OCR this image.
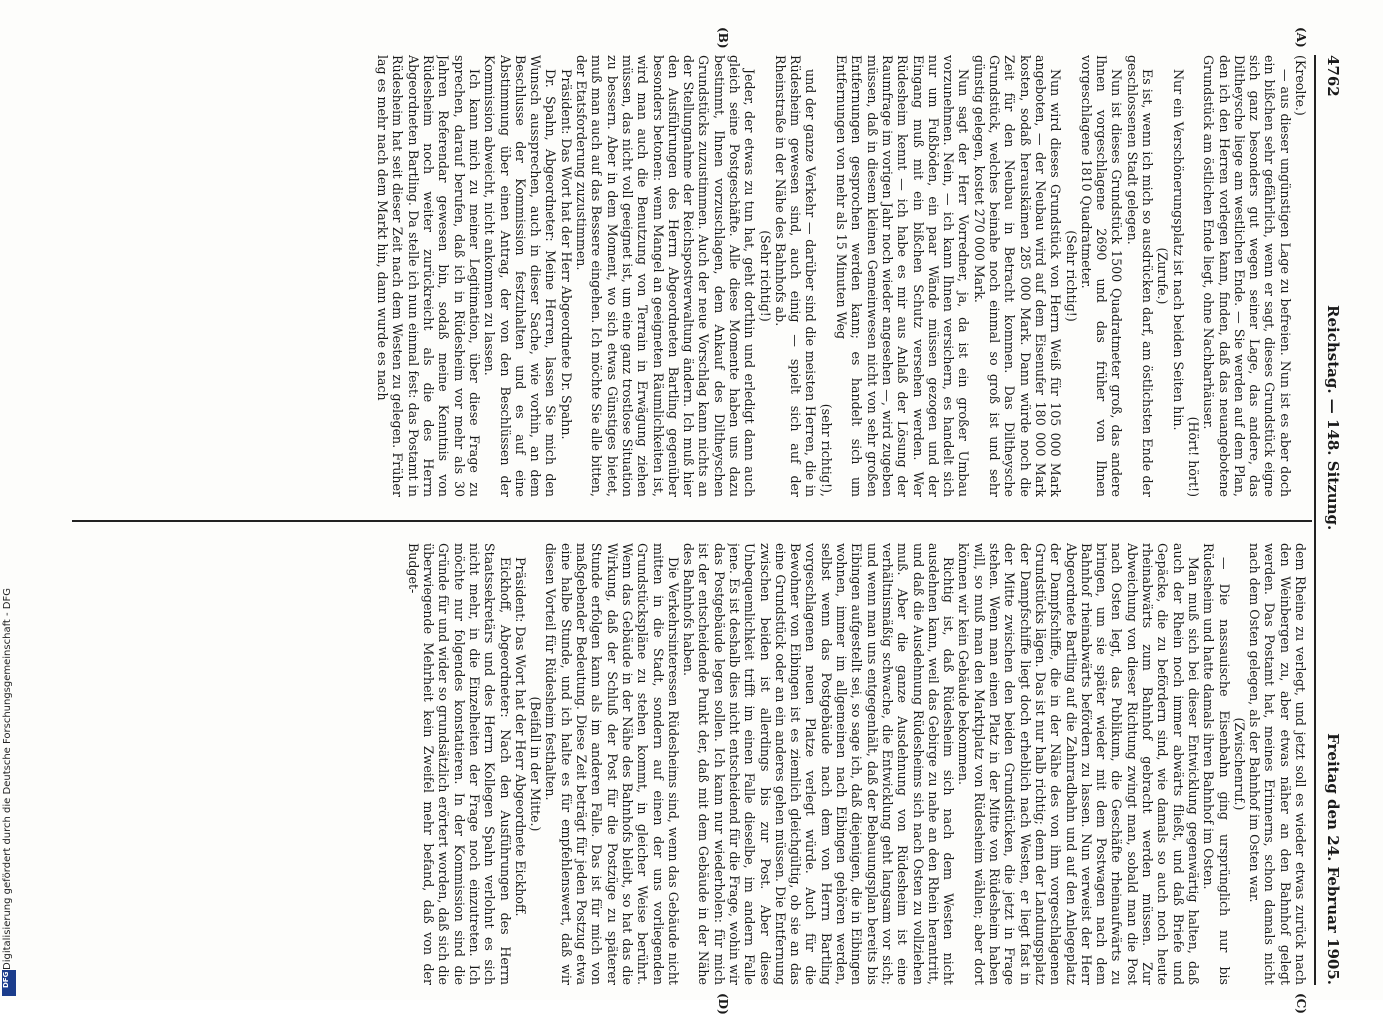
4762
Reichstag. — 148. Sitzung.
Freitag den 24. Februar 1905.
(A)
(B)
(C)
(D)

(Kreolte.)

— aus dieser ungünstigen Lage zu befreien. Nun ist es aber doch ein bißchen sehr gefährlich, wenn er sagt, dieses Grundstück eigne sich ganz besonders gut wegen seiner Lage, das andere, das Diltheysche liege am westlichen Ende. — Sie werden auf dem Plan, den ich den Herren vorlegen kann, finden, daß das neuangebotene Grundstück am östlichen Ende liegt, ohne Nachbarhäuser.

(Hört! hört!)

Nur ein Verschönerungsplatz ist nach beiden Seiten hin.

(Zurufe.)

Es ist, wenn ich mich so ausdrücken darf, am östlichsten Ende der geschlossenen Stadt gelegen.

Nun ist dieses Grundstück 1500 Quadratmeter groß, das andere Ihnen vorgeschlagene 2690 und das früher von Ihnen vorgeschlagene 1810 Quadratmeter.

(Sehr richtig!)

Nun wird dieses Grundstück von Herrn Weiß für 105 000 Mark angeboten, — der Neubau wird auf dem Eisenufer 180 000 Mark kosten, sodaß herauskämen 285 000 Mark. Dann würde noch die Zeit für den Neubau in Betracht kommen. Das Diltheysche Grundstück, welches beinahe noch einmal so groß ist und sehr günstig gelegen, kostet 270 000 Mark.

Nun sagt der Herr Vorredner, ja, da ist ein großer Umbau vorzunehmen. Nein, — ich kann Ihnen versichern, es handelt sich nur um Fußböden, ein paar Wände müssen gezogen und der Eingang muß mit ein bißchen Schutz versehen werden. Wer Rüdesheim kennt — ich habe es mir aus Anlaß der Lösung der Raumfrage im vorigen Jahr noch wieder angesehen —, wird zugeben müssen, daß in diesem kleinen Gemeinwesen nicht von sehr großen Entfernungen gesprochen werden kann; es handelt sich um Entfernungen von mehr als 15 Minuten Weg

(sehr richtig!),

und der ganze Verkehr — darüber sind die meisten Herren, die in Rüdesheim gewesen sind, auch einig — spielt sich auf der Rheinstraße in der Nähe des Bahnhofs ab.

(Sehr richtig!)

Jeder, der etwas zu tun hat, geht dorthin und erledigt dann auch gleich seine Postgeschäfte. Alle diese Momente haben uns dazu bestimmt, Ihnen vorzuschlagen, dem Ankauf des Diltheyschen Grundstücks zuzustimmen. Auch der neue Vorschlag kann nichts an der Stellungnahme der Reichspostverwaltung ändern. Ich muß hier den Ausführungen des Herrn Abgeordneten Bartling gegenüber besonders betonen: wenn Mangel an geeigneten Räumlichkeiten ist, wird man auch die Benutzung von Terrain in Erwägung ziehen müssen, das nicht voll geeignet ist, um eine ganz trostlose Situation zu bessern. Aber in dem Moment, wo sich etwas Günstiges bietet, muß man auch auf das Bessere eingehen. Ich möchte Sie alle bitten, der Etatsforderung zuzustimmen.

Präsident: Das Wort hat der Herr Abgeordnete Dr. Spahn.

Dr. Spahn, Abgeordneter: Meine Herren, lassen Sie mich den Wunsch aussprechen, auch in dieser Sache, wie vorhin, an dem Beschlusse der Kommission festzuhalten und es auf eine Abstimmung über einen Antrag, der von den Beschlüssen der Kommission abweicht, nicht ankommen zu lassen.

Ich kann mich zu meiner Legitimation, über diese Frage zu sprechen, darauf berufen, daß ich in Rüdesheim vor mehr als 30 Jahren Referendar gewesen bin, sodaß meine Kenntnis von Rüdesheim noch weiter zurückreicht als die des Herrn Abgeordneten Bartling. Da stelle ich nun einmal fest: das Postamt in Rüdesheim hat seit dieser Zeit nach dem Westen zu gelegen. Früher lag es mehr nach dem Markt hin, dann wurde es nach

dem Rheine zu verlegt, und jetzt soll es wieder etwas zurück nach den Weinbergen zu, aber etwas näher an den Bahnhof gelegt werden. Das Postamt hat, meines Erinnerns, schon damals nicht nach dem Osten gelegen, als der Bahnhof im Osten war.

(Zwischenruf.)

— Die nassauische Eisenbahn ging ursprünglich nur bis Rüdesheim und hatte damals ihren Bahnhof im Osten.

Man muß sich bei dieser Entwicklung gegenwärtig halten, daß auch der Rhein noch immer abwärts fließt, und daß Briefe und Gepäcke, die zu befördern sind, wie damals so auch noch heute rheinabwärts zum Bahnhof gebracht werden müssen. Zur Abweichung von dieser Richtung zwingt man, sobald man die Post nach Osten legt, das Publikum, die Geschäfte rheinaufwärts zu bringen, um sie später wieder mit dem Postwagen nach dem Bahnhof rheinabwärts befördern zu lassen. Nun verweist der Herr Abgeordnete Bartling auf die Zahnradbahn und auf den Anlegeplatz der Dampfschiffe, die in der Nähe des von ihm vorgeschlagenen Grundstücks lägen. Das ist nur halb richtig; denn der Landungsplatz der Dampfschiffe liegt doch erheblich nach Westen, er liegt fast in der Mitte zwischen den beiden Grundstücken, die jetzt in Frage stehen. Wenn man einen Platz in der Mitte von Rüdesheim haben will, so muß man den Marktplatz von Rüdesheim wählen; aber dort können wir kein Gebäude bekommen.

Richtig ist, daß Rüdesheim sich nach dem Westen nicht ausdehnen kann, weil das Gebirge zu nahe an den Rhein herantritt, und daß die Ausdehnung Rüdesheims sich nach Osten zu vollziehen muß. Aber die ganze Ausdehnung von Rüdesheim ist eine verhältnismäßig schwache, die Entwicklung geht langsam vor sich; und wenn man uns entgegenhält, daß der Bebauungsplan bereits bis Eibingen aufgestellt sei, so sage ich, daß diejenigen, die in Eibingen wohnen, immer im allgemeinen nach Eibingen gehören werden, selbst wenn das Postgebäude nach dem von Herrn Bartling vorgeschlagenen neuen Platze verlegt würde. Auch für die Bewohner von Eibingen ist es ziemlich gleichgültig, ob sie an das eine Grundstück oder an ein anderes gehen müssen. Die Entfernung zwischen beiden ist allerdings bis zur Post. Aber diese Unbequemlichkeit trifft im einen Falle dieselbe, im andern Falle jene. Es ist deshalb dies nicht entscheidend für die Frage, wohin wir das Postgebäude legen sollen. Ich kann nur wiederholen: für mich ist der entscheidende Punkt der, daß mit dem Gebäude in der Nähe des Bahnhofs haben.

Die Verkehrsinteressen Rüdesheims sind, wenn das Gebäude nicht mitten in die Stadt, sondern auf einen der uns vorliegenden Grundstückspläne zu stehen kommt, in gleicher Weise berührt. Wenn das Gebäude in der Nähe des Bahnhofs bleibt, so hat das die Wirkung, daß der Schluß der Post für die Postzüge zu späterer Stunde erfolgen kann als im anderen Falle. Das ist für mich von maßgebender Bedeutung. Diese Zeit beträgt für jeden Postzug etwa eine halbe Stunde, und ich halte es für empfehlenswert, daß wir diesen Vorteil für Rüdesheim festhalten.

(Beifall in der Mitte.)

Präsident: Das Wort hat der Herr Abgeordnete Eickhoff.

Eickhoff, Abgeordneter: Nach den Ausführungen des Herrn Staatssekretärs und des Herrn Kollegen Spahn verlohnt es sich nicht mehr, in die Einzelheiten der Frage noch einzutreten. Ich möchte nur folgendes konstatieren. In der Kommission sind die Gründe für und wider so grundsätzlich erörtert worden, daß sich die überwiegende Mehrheit kein Zweifel mehr befand, daß von der Budget-

Digitalisierung gefördert durch die Deutsche Forschungsgemeinschaft - DFG
DFG
